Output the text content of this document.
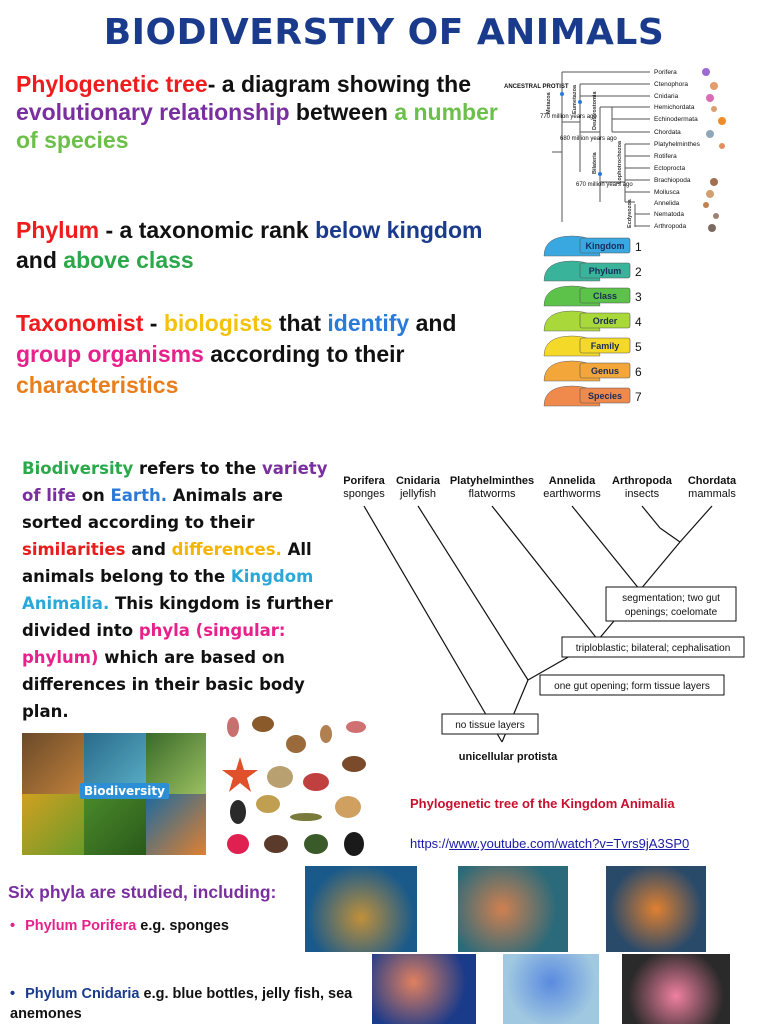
BIODIVERSTIY OF ANIMALS
Phylogenetic tree- a diagram showing the evolutionary relationship between a number of species
Phylum - a taxonomic rank below kingdom and above class
Taxonomist - biologists that identify and group organisms according to their characteristics
ANCESTRAL PROTIST
770 million years ago
680 million years ago
670 million years ago
Porifera
Ctenophora
Cnidaria
Hemichordata
Echinodermata
Chordata
Platyhelminthes
Rotifera
Ectoprocta
Brachiopoda
Mollusca
Annelida
Nematoda
Arthropoda
Metazoa	Eumetazoa	Deuterostomia
Bilateria	Lophotrochozoa
Ecdysozoa
Kingdom 1
Phylum 2
Class 3
Order 4
Family 5
Genus 6
Species 7
Biodiversity refers to the variety of life on Earth. Animals are sorted according to their similarities and differences. All animals belong to the Kingdom Animalia. This kingdom is further divided into phyla (singular: phylum) which are based on differences in their basic body plan.
Biodiversity
Porifera
sponges
Cnidaria
jellyfish
Platyhelminthes
flatworms
Annelida
earthworms
Arthropoda
insects
Chordata
mammals
segmentation; two gut
openings; coelomate
triploblastic; bilateral; cephalisation
one gut opening; form tissue layers
no tissue layers
unicellular protista
Phylogenetic tree of the Kingdom Animalia
https://www.youtube.com/watch?v=Tvrs9jA3SP0
Six phyla are studied, including:
• Phylum Porifera e.g. sponges
• Phylum Cnidaria e.g. blue bottles, jelly fish, sea anemones
